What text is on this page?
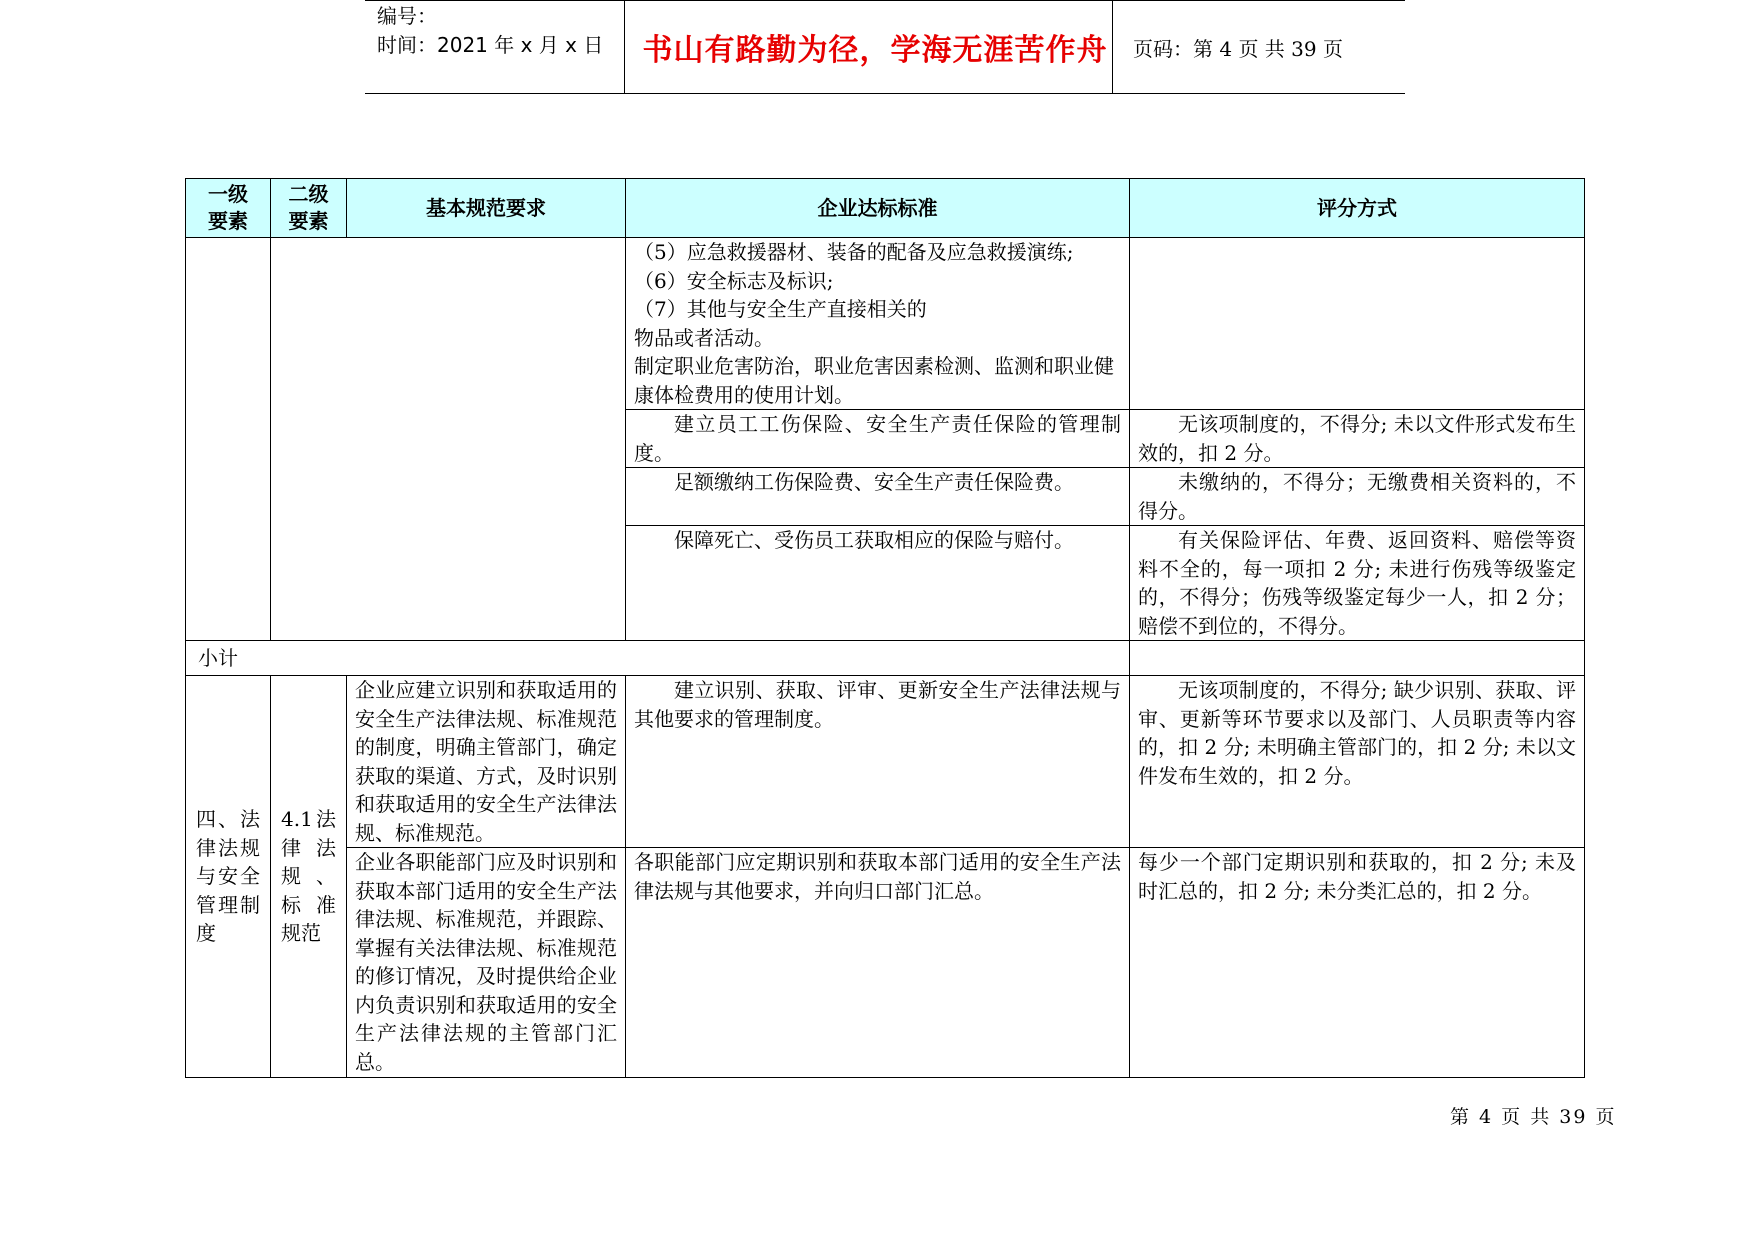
编号：
时间：2021 年 x 月 x 日	书山有路勤为径，学海无涯苦作舟	页码：第 4 页 共 39 页
一级要素	二级要素	基本规范要求	企业达标标准	评分方式
			（5）应急救援器材、装备的配备及应急救援演练;
（6）安全标志及标识;
（7）其他与安全生产直接相关的
物品或者活动。
制定职业危害防治，职业危害因素检测、监测和职业健康体检费用的使用计划。	
			建立员工工伤保险、安全生产责任保险的管理制度。	无该项制度的，不得分; 未以文件形式发布生效的，扣 2 分。
			足额缴纳工伤保险费、安全生产责任保险费。	未缴纳的，不得分；无缴费相关资料的，不得分。
			保障死亡、受伤员工获取相应的保险与赔付。	有关保险评估、年费、返回资料、赔偿等资料不全的，每一项扣 2 分; 未进行伤残等级鉴定的，不得分；伤残等级鉴定每少一人，扣 2 分；赔偿不到位的，不得分。
小计				
四、法律法规与安全管理制度	4.1法律法规、标准规范	企业应建立识别和获取适用的安全生产法律法规、标准规范的制度，明确主管部门，确定获取的渠道、方式，及时识别和获取适用的安全生产法律法规、标准规范。	建立识别、获取、评审、更新安全生产法律法规与其他要求的管理制度。	无该项制度的，不得分; 缺少识别、获取、评审、更新等环节要求以及部门、人员职责等内容的，扣 2 分; 未明确主管部门的，扣 2 分; 未以文件发布生效的，扣 2 分。
		企业各职能部门应及时识别和获取本部门适用的安全生产法律法规、标准规范，并跟踪、掌握有关法律法规、标准规范的修订情况，及时提供给企业内负责识别和获取适用的安全生产法律法规的主管部门汇总。	各职能部门应定期识别和获取本部门适用的安全生产法律法规与其他要求，并向归口部门汇总。	每少一个部门定期识别和获取的，扣 2 分; 未及时汇总的，扣 2 分; 未分类汇总的，扣 2 分。
第 4 页 共 39 页
